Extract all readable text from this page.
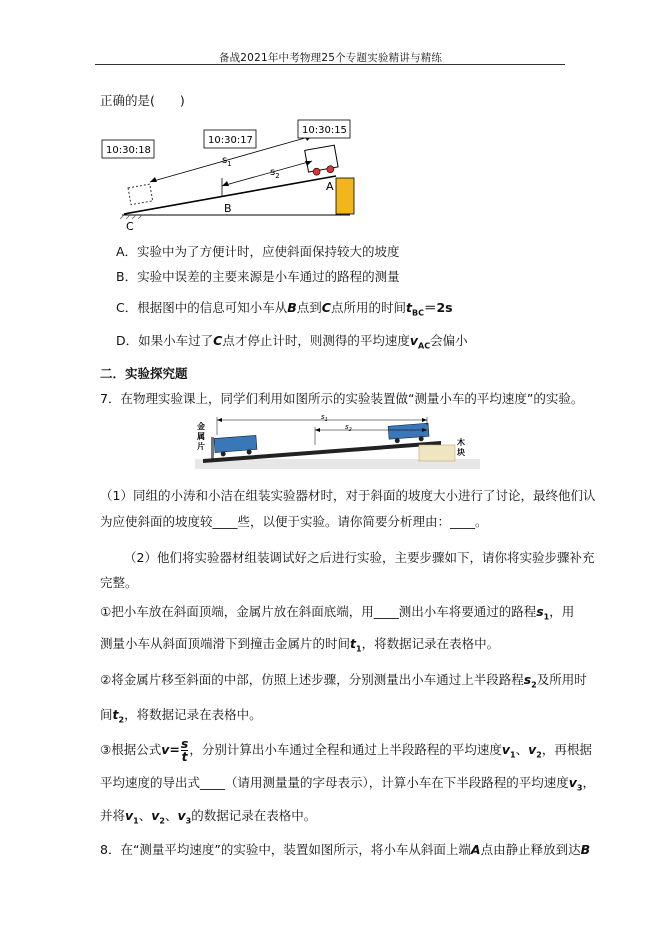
备战2021年中考物理25个专题实验精讲与精练
正确的是(　　)
$s_1$
$s_2$
10:30:18
10:30:17
10:30:15
A
B
C
A．实验中为了方便计时，应使斜面保持较大的坡度
B．实验中误差的主要来源是小车通过的路程的测量
C．根据图中的信息可知小车从B点到C点所用的时间$t_{BC}=2s$
D．如果小车过了C点才停止计时，则测得的平均速度$v_{AC}$会偏小
二．实验探究题
7．在物理实验课上，同学们利用如图所示的实验装置做“测量小车的平均速度”的实验。
金
属
片	木
块
$s_1$
$s_2$
（1）同组的小涛和小洁在组装实验器材时，对于斜面的坡度大小进行了讨论，最终他们认
为应使斜面的坡度较____些，以便于实验。请你简要分析理由：____。
（2）他们将实验器材组装调试好之后进行实验，主要步骤如下，请你将实验步骤补充
完整。
①把小车放在斜面顶端，金属片放在斜面底端，用____测出小车将要通过的路程$s_1$，用
测量小车从斜面顶端滑下到撞击金属片的时间$t_1$，将数据记录在表格中。
②将金属片移至斜面的中部，仿照上述步骤，分别测量出小车通过上半段路程$s_2$及所用时
间$t_2$，将数据记录在表格中。
③根据公式$v= \frac{s}{t}$ ，分别计算出小车通过全程和通过上半段路程的平均速度$v_1$、$v_2$，再根据
平均速度的导出式____（请用测量量的字母表示），计算小车在下半段路程的平均速度$v_3$，
并将$v_1$、$v_2$、$v_3$的数据记录在表格中。
8．在“测量平均速度”的实验中，装置如图所示，将小车从斜面上端A点由静止释放到达B
